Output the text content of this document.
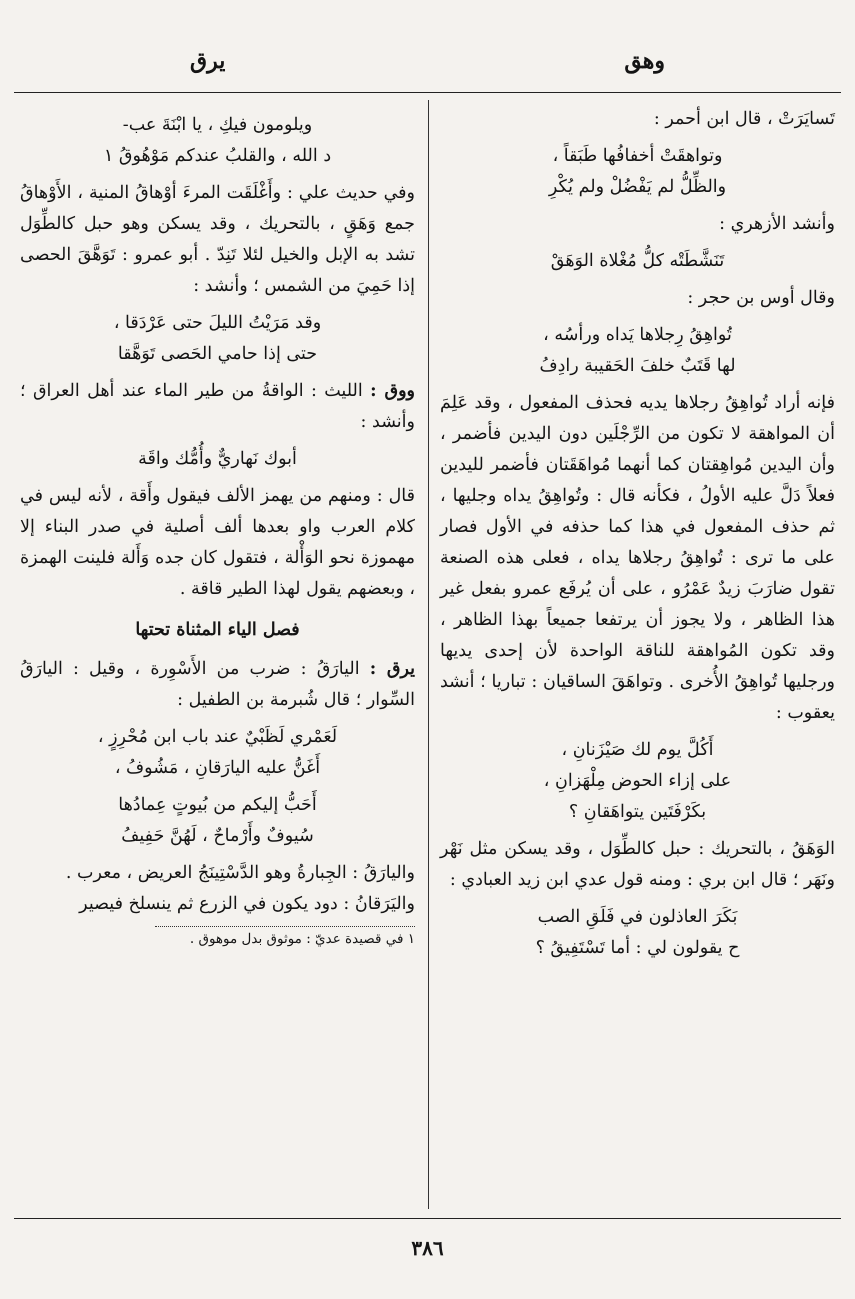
وهق
يرق

تَسايَرَتْ ، قال ابن أحمر :

وتواهقَتْ أخفافُها طَبَقاً ،
والظِّلُّ لم يَفْضُلْ ولم يُكْرِ

وأنشد الأزهري :

تَنَشَّطَتْه كلُّ مُغْلاة الوَهَقْ

وقال أوس بن حجر :

تُواهِقُ رِجلاها يَداه ورأسُه ،
لها قَتَبٌ خلفَ الحَقيبة رادِفُ

فإنه أراد تُواهِقُ رجلاها يديه فحذف المفعول ، وقد عَلِمَ أن المواهقة لا تكون من الرِّجْلَين دون اليدين فأضمر ، وأن اليدين مُواهِقتان كما أنهما مُواهَقَتان فأضمر لليدين فعلاً دَلَّ عليه الأولُ ، فكأنه قال : وتُواهِقُ يداه وجليها ، ثم حذف المفعول في هذا كما حذفه في الأول فصار على ما ترى : تُواهِقُ رجلاها يداه ، فعلى هذه الصنعة تقول ضارَبَ زيدٌ عَمْرُو ، على أن يُرفَع عمرو بفعل غير هذا الظاهر ، ولا يجوز أن يرتفعا جميعاً بهذا الظاهر ، وقد تكون المُواهقة للناقة الواحدة لأن إحدى يديها ورجليها تُواهِقُ الأُخرى . وتواهَقَ الساقيان : تباريا ؛ أنشد يعقوب :

أَكُلَّ يوم لك صَيْزَنانِ ،
على إزاء الحوض مِلْهَزانِ ،
بكَرْفَتَين يتواهَقانِ ؟

الوَهَقُ ، بالتحريك : حبل كالطِّوَل ، وقد يسكن مثل نَهْر ونَهَر ؛ قال ابن بري : ومنه قول عدي ابن زيد العبادي :

بَكَرَ العاذلون في فَلَقِ الصب
ح يقولون لي : أما تَسْتَفِيقُ ؟
ويلومون فيكِ ، يا ابْنَةَ عب-
د الله ، والقلبُ عندكم مَوْهُوقُ ١

وفي حديث علي : وأَغْلَقَت المرءَ أوْهاقُ المنية ، الأَوْهاقُ جمع وَهَقٍ ، بالتحريك ، وقد يسكن وهو حبل كالطِّوَل تشد به الإبل والخيل لئلا تَنِدّ . أبو عمرو : تَوَهَّقَ الحصى إذا حَمِيَ من الشمس ؛ وأنشد :

وقد مَرَيْتُ الليلَ حتى عَرْدَقا ،
حتى إذا حامي الحَصى تَوَهَّقا

ووق : الليث : الواقةُ من طير الماء عند أهل العراق ؛ وأنشد :

أبوك نَهاريٌّ وأُمُّك واقَة

قال : ومنهم من يهمز الألف فيقول وأَقة ، لأنه ليس في كلام العرب واو بعدها ألف أصلية في صدر البناء إلا مهموزة نحو الوَأْلة ، فتقول كان جده وَأَلة فلينت الهمزة ، وبعضهم يقول لهذا الطير قاقة .

فصل الياء المثناة تحتها

يرق : اليارَقُ : ضرب من الأَسْوِرة ، وقيل : اليارَقُ السِّوار ؛ قال شُبرمة بن الطفيل :

لَعَمْري لَظَبْيٌ عند باب ابن مُحْرِزٍ ،
أَغَنُّ عليه اليارَقانِ ، مَشُوفُ ،
أَحَبُّ إليكم من بُيوتٍ عِمادُها
سُيوفٌ وأَرْماحٌ ، لَهُنَّ حَفِيفُ

واليارَقُ : الجِبارةُ وهو الدَّسْتِينَجُ العريض ، معرب .

واليَرَقانُ : دود يكون في الزرع ثم ينسلخ فيصير

١ في قصيدة عديّ : موثوق بدل موهوق .
٣٨٦
